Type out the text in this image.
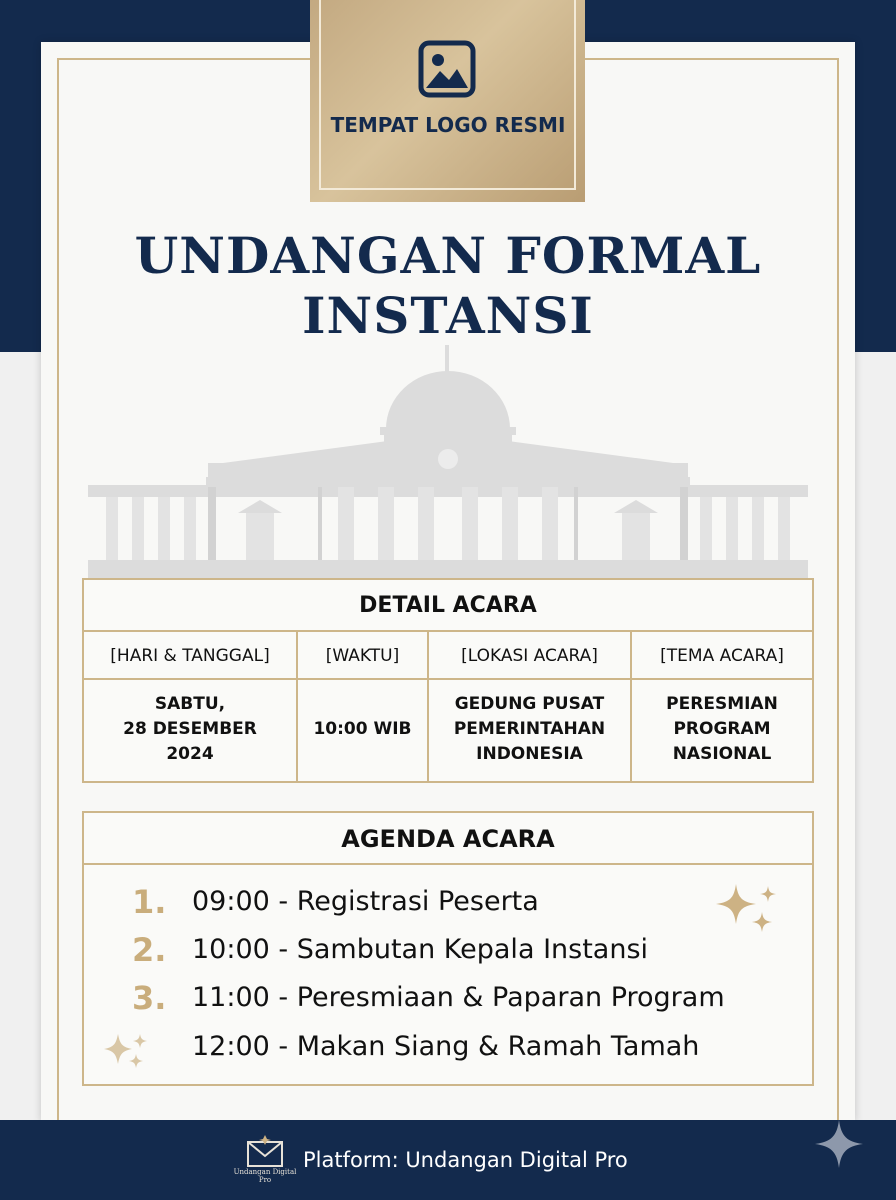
TEMPAT LOGO RESMI
UNDANGAN FORMAL INSTANSI
DETAIL ACARA
[HARI & TANGGAL]
SABTU,
28 DESEMBER
2024
[WAKTU]
10:00 WIB
[LOKASI ACARA]
GEDUNG PUSAT
PEMERINTAHAN
INDONESIA
[TEMA ACARA]
PERESMIAN
PROGRAM
NASIONAL
AGENDA ACARA
1. 09:00 - Registrasi Peserta
2. 10:00 - Sambutan Kepala Instansi
3. 11:00 - Peresmiaan & Paparan Program
12:00 - Makan Siang & Ramah Tamah
Undangan Digital Pro
Platform: Undangan Digital Pro
